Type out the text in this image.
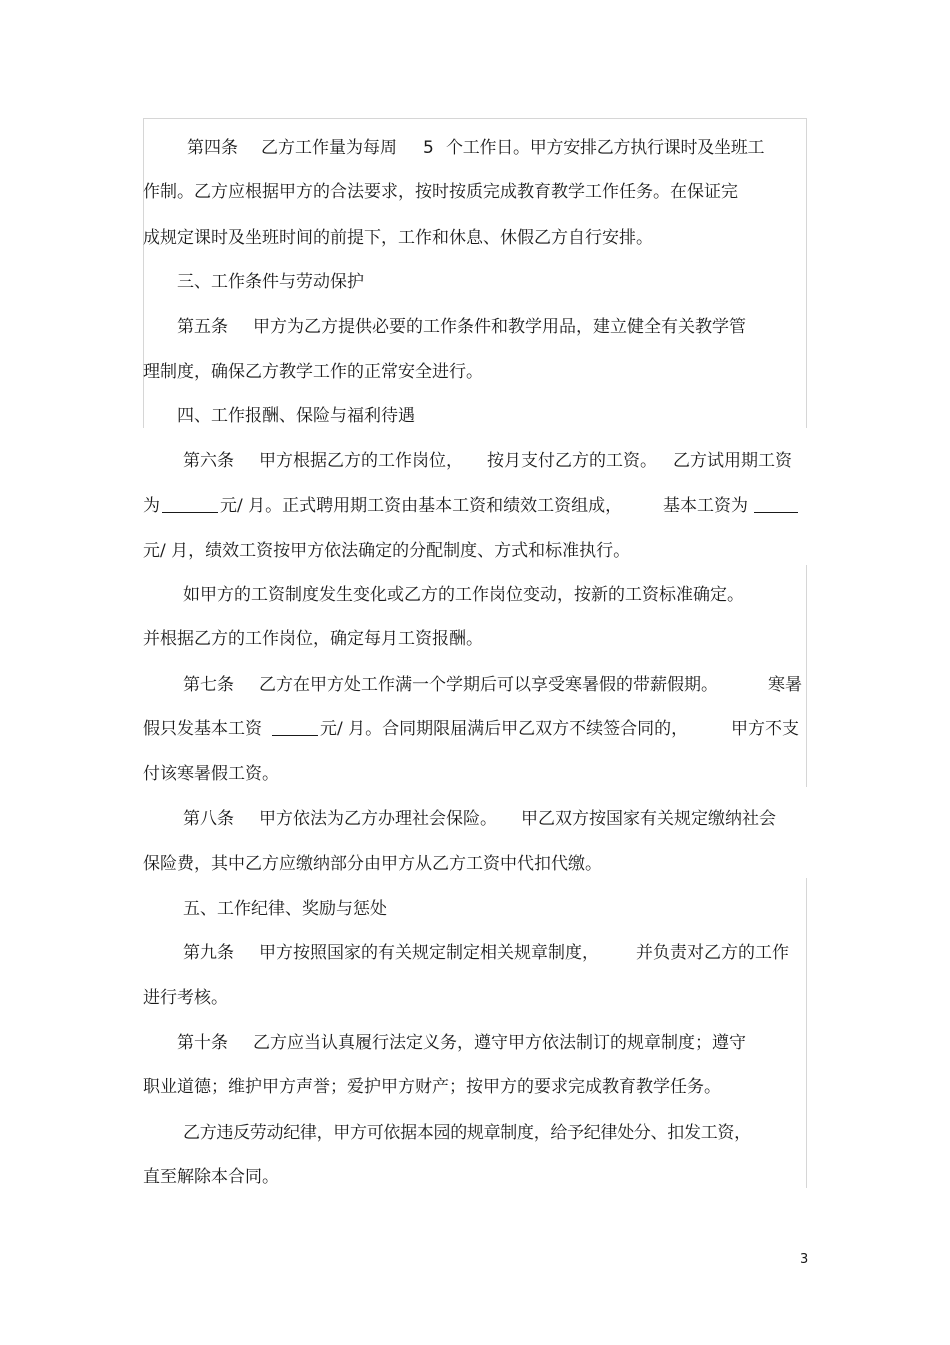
第四条 乙方工作量为每周 5 个工作日。甲方安排乙方执行课时及坐班工
作制。乙方应根据甲方的合法要求，按时按质完成教育教学工作任务。在保证完
成规定课时及坐班时间的前提下，工作和休息、休假乙方自行安排。
三、工作条件与劳动保护
第五条 甲方为乙方提供必要的工作条件和教学用品，建立健全有关教学管
理制度，确保乙方教学工作的正常安全进行。
四、工作报酬、保险与福利待遇
第六条 甲方根据乙方的工作岗位， 按月支付乙方的工资。 乙方试用期工资
为	元/ 月。正式聘用期工资由基本工资和绩效工资组成， 基本工资为
元/ 月，绩效工资按甲方依法确定的分配制度、方式和标准执行。
如甲方的工资制度发生变化或乙方的工作岗位变动，按新的工资标准确定。
并根据乙方的工作岗位，确定每月工资报酬。
第七条 乙方在甲方处工作满一个学期后可以享受寒暑假的带薪假期。	寒暑
假只发基本工资	元/ 月。合同期限届满后甲乙双方不续签合同的，	甲方不支
付该寒暑假工资。
第八条 甲方依法为乙方办理社会保险。 甲乙双方按国家有关规定缴纳社会
保险费，其中乙方应缴纳部分由甲方从乙方工资中代扣代缴。
五、工作纪律、奖励与惩处
第九条 甲方按照国家的有关规定制定相关规章制度， 并负责对乙方的工作
进行考核。
第十条 乙方应当认真履行法定义务，遵守甲方依法制订的规章制度；遵守
职业道德；维护甲方声誉；爱护甲方财产；按甲方的要求完成教育教学任务。
乙方违反劳动纪律，甲方可依据本园的规章制度，给予纪律处分、扣发工资，
直至解除本合同。
3
